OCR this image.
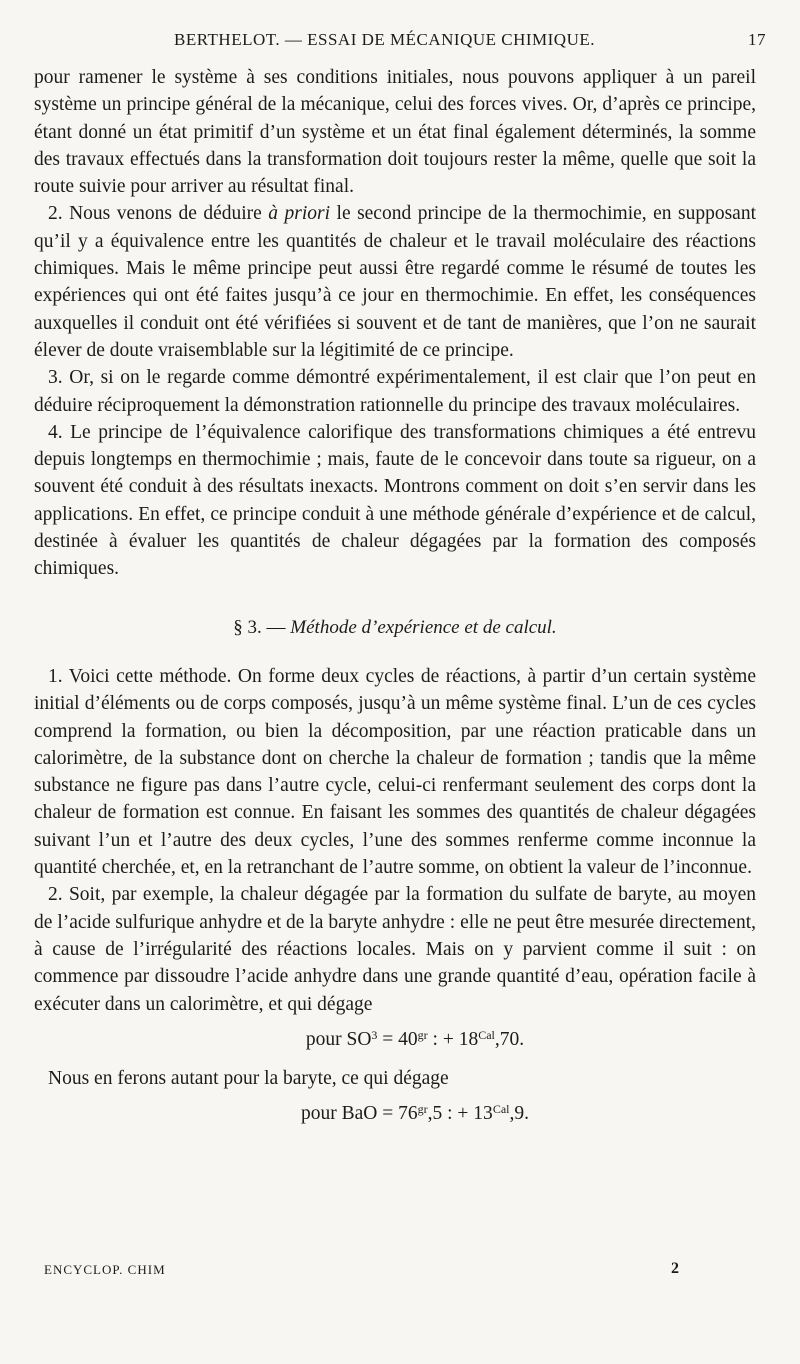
BERTHELOT. — ESSAI DE MÉCANIQUE CHIMIQUE.	17

pour ramener le système à ses conditions initiales, nous pouvons appliquer à un pareil système un principe général de la mécanique, celui des forces vives. Or, d’après ce principe, étant donné un état primitif d’un système et un état final également déterminés, la somme des travaux effectués dans la transformation doit toujours rester la même, quelle que soit la route suivie pour arriver au résultat final.

2. Nous venons de déduire à priori le second principe de la thermochimie, en supposant qu’il y a équivalence entre les quantités de chaleur et le travail moléculaire des réactions chimiques. Mais le même principe peut aussi être regardé comme le résumé de toutes les expériences qui ont été faites jusqu’à ce jour en thermochimie. En effet, les conséquences auxquelles il conduit ont été vérifiées si souvent et de tant de manières, que l’on ne saurait élever de doute vraisemblable sur la légitimité de ce principe.

3. Or, si on le regarde comme démontré expérimentalement, il est clair que l’on peut en déduire réciproquement la démonstration rationnelle du principe des travaux moléculaires.

4. Le principe de l’équivalence calorifique des transformations chimiques a été entrevu depuis longtemps en thermochimie ; mais, faute de le concevoir dans toute sa rigueur, on a souvent été conduit à des résultats inexacts. Montrons comment on doit s’en servir dans les applications. En effet, ce principe conduit à une méthode générale d’expérience et de calcul, destinée à évaluer les quantités de chaleur dégagées par la formation des composés chimiques.

§ 3. — Méthode d’expérience et de calcul.

1. Voici cette méthode. On forme deux cycles de réactions, à partir d’un certain système initial d’éléments ou de corps composés, jusqu’à un même système final. L’un de ces cycles comprend la formation, ou bien la décomposition, par une réaction praticable dans un calorimètre, de la substance dont on cherche la chaleur de formation ; tandis que la même substance ne figure pas dans l’autre cycle, celui-ci renfermant seulement des corps dont la chaleur de formation est connue. En faisant les sommes des quantités de chaleur dégagées suivant l’un et l’autre des deux cycles, l’une des sommes renferme comme inconnue la quantité cherchée, et, en la retranchant de l’autre somme, on obtient la valeur de l’inconnue.

2. Soit, par exemple, la chaleur dégagée par la formation du sulfate de baryte, au moyen de l’acide sulfurique anhydre et de la baryte anhydre : elle ne peut être mesurée directement, à cause de l’irrégularité des réactions locales. Mais on y parvient comme il suit : on commence par dissoudre l’acide anhydre dans une grande quantité d’eau, opération facile à exécuter dans un calorimètre, et qui dégage

pour $SO^3 = 40^{gr}$ : + $18^{Cal},70$.

Nous en ferons autant pour la baryte, ce qui dégage

pour BaO = $76^{gr},5$ : + $13^{Cal},9$.
ENCYCLOP. CHIM	2
